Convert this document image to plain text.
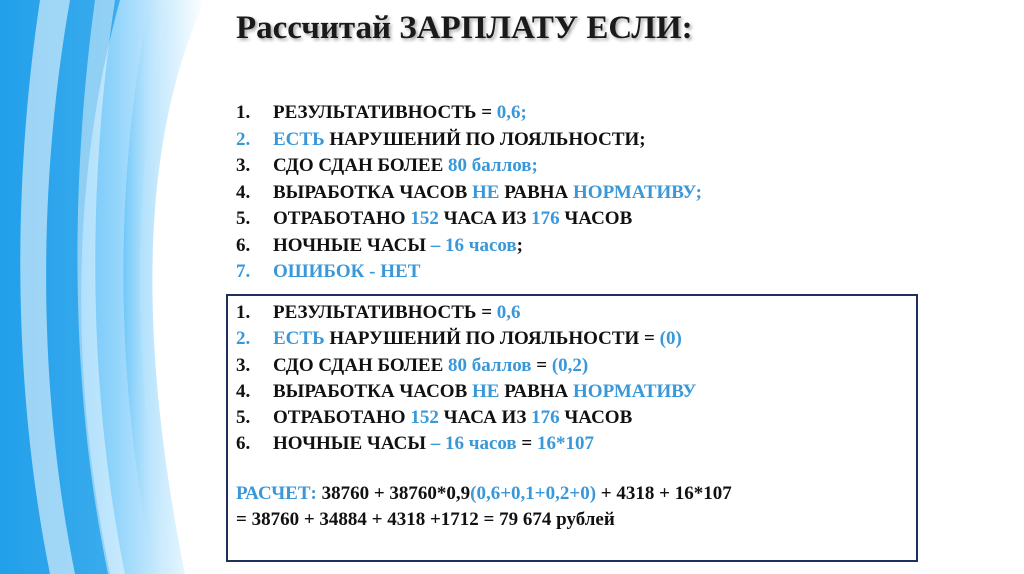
Рассчитай ЗАРПЛАТУ ЕСЛИ:
1. РЕЗУЛЬТАТИВНОСТЬ = 0,6;
2. ЕСТЬ НАРУШЕНИЙ ПО ЛОЯЛЬНОСТИ;
3. СДО СДАН БОЛЕЕ 80 баллов;
4. ВЫРАБОТКА ЧАСОВ НЕ РАВНА НОРМАТИВУ;
5. ОТРАБОТАНО 152 ЧАСА ИЗ 176 ЧАСОВ
6. НОЧНЫЕ ЧАСЫ – 16 часов;
7. ОШИБОК - НЕТ
1. РЕЗУЛЬТАТИВНОСТЬ = 0,6
2. ЕСТЬ НАРУШЕНИЙ ПО ЛОЯЛЬНОСТИ = (0)
3. СДО СДАН БОЛЕЕ 80 баллов = (0,2)
4. ВЫРАБОТКА ЧАСОВ НЕ РАВНА НОРМАТИВУ
5. ОТРАБОТАНО 152 ЧАСА ИЗ 176 ЧАСОВ
6. НОЧНЫЕ ЧАСЫ – 16 часов = 16*107

РАСЧЕТ: 38760 + 38760*0,9(0,6+0,1+0,2+0) + 4318 + 16*107
= 38760 + 34884 + 4318 +1712 = 79 674 рублей
